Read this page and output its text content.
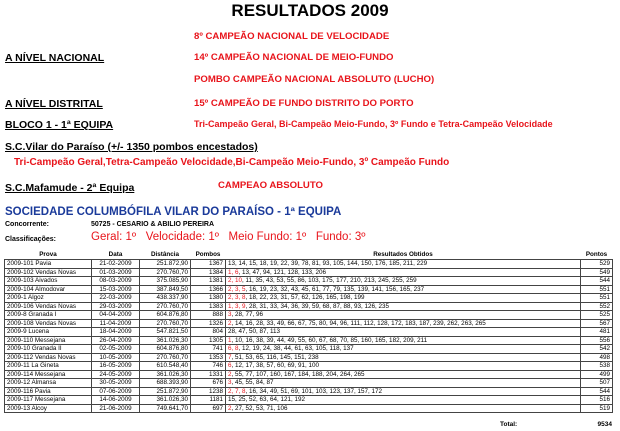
RESULTADOS 2009
A NÍVEL NACIONAL
8º CAMPEÃO NACIONAL DE VELOCIDADE
14º CAMPEÃO NACIONAL DE MEIO-FUNDO
POMBO CAMPEÃO NACIONAL ABSOLUTO (LUCHO)
A NÍVEL DISTRITAL	15º CAMPEÃO DE FUNDO DISTRITO DO PORTO
BLOCO 1 - 1ª EQUIPA	Tri-Campeão Geral, Bi-Campeão Meio-Fundo, 3º Fundo e Tetra-Campeão Velocidade
S.C.Vilar do Paraíso (+/- 1350 pombos encestados)
Tri-Campeão Geral,Tetra-Campeão Velocidade,Bi-Campeão Meio-Fundo, 3º Campeão Fundo
S.C.Mafamude - 2ª Equipa	CAMPEAO ABSOLUTO
SOCIEDADE COLUMBÓFILA VILAR DO PARAÍSO - 1ª EQUIPA
Concorrente:	50725 - CESARIO & ABILIO PEREIRA
Classificações:	Geral: 1º   Velocidade: 1º   Meio Fundo: 1º   Fundo: 3º
Prova	Data	Distância	Pombos	Resultados Obtidos	Pontos
2009-101 Pavia	21-02-2009	251.872,90	1367	13, 14, 15, 18, 19, 22, 39, 78, 81, 93, 105, 144, 150, 176, 185, 211, 229	529
2009-102 Vendas Novas	01-03-2009	270.760,70	1384	1, 6, 13, 47, 94, 121, 128, 133, 206	549
2009-103 Aivados	08-03-2009	375.085,90	1381	2, 10, 11, 35, 43, 53, 55, 86, 103, 175, 177, 210, 213, 245, 255, 259	544
2009-104 Almodovar	15-03-2009	387.849,50	1366	2, 3, 5, 16, 19, 23, 32, 43, 45, 61, 77, 79, 135, 139, 141, 156, 165, 237	551
2009-1 Algoz	22-03-2009	438.337,90	1380	2, 3, 8, 18, 22, 23, 31, 57, 62, 126, 165, 198, 199	551
2009-106 Vendas Novas	29-03-2009	270.760,70	1383	1, 3, 9, 28, 31, 33, 34, 36, 39, 59, 68, 87, 88, 93, 126, 235	552
2009-8 Granada I	04-04-2009	604.876,80	888	3, 28, 77, 96	525
2009-108 Vendas Novas	11-04-2009	270.760,70	1326	2, 14, 16, 28, 33, 49, 66, 67, 75, 80, 94, 96, 111, 112, 128, 172, 183, 187, 239, 262, 263, 265	567
2009-9 Lucena	18-04-2009	547.821,50	804	28, 47, 50, 87, 113	481
2009-110 Messejana	26-04-2009	361.026,30	1305	1, 10, 16, 38, 39, 44, 49, 55, 60, 67, 68, 70, 85, 160, 165, 182, 209, 211	556
2009-10 Granada II	02-05-2009	604.876,80	741	6, 8, 12, 19, 24, 38, 44, 61, 63, 105, 118, 137	542
2009-112 Vendas Novas	10-05-2009	270.760,70	1353	7, 51, 53, 65, 116, 145, 151, 238	498
2009-11 La Gineta	16-05-2009	610.548,40	746	6, 12, 17, 38, 57, 60, 69, 91, 100	538
2009-114 Messejana	24-05-2009	361.026,30	1331	2, 55, 77, 107, 160, 167, 184, 188, 204, 264, 265	499
2009-12 Almansa	30-05-2009	688.393,90	676	3, 45, 55, 84, 87	507
2009-116 Pavia	07-06-2009	251.872,90	1238	2, 7, 8, 16, 34, 49, 51, 69, 101, 103, 123, 137, 157, 172	544
2009-117 Messejana	14-06-2009	361.026,30	1181	15, 25, 52, 63, 64, 121, 192	516
2009-13 Alcoy	21-06-2009	749.641,70	697	2, 27, 52, 53, 71, 106	519
Total:	9534
